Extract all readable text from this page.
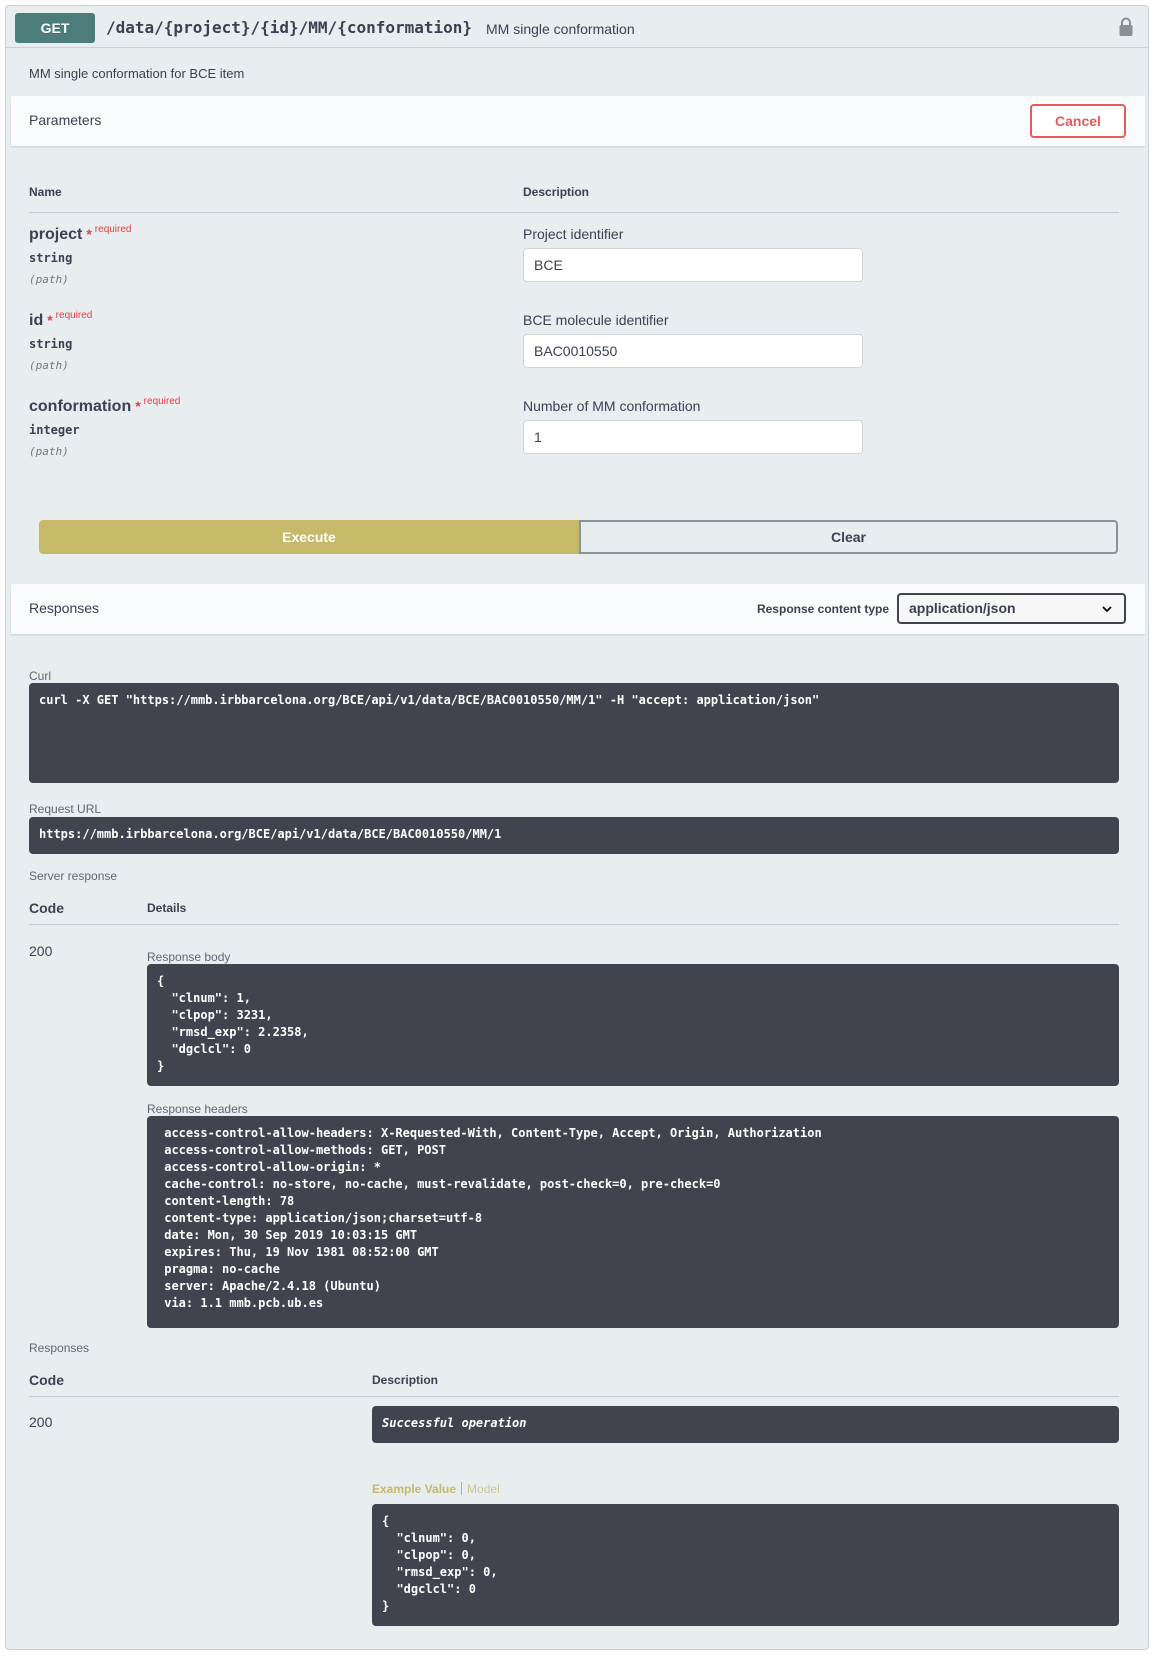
GET	/data/{project}/{id}/MM/{conformation} MM single conformation
MM single conformation for BCE item
Parameters	Cancel
Name	Description
project * $^{required}$
string
(path)
Project identifier
BCE
id * $^{required}$
string
(path)
BCE molecule identifier
BAC0010550
conformation * $^{required}$
integer
(path)
Number of MM conformation
1
Execute	Clear
Responses	Response content type	application/json
Curl
curl -X GET "https://mmb.irbbarcelona.org/BCE/api/v1/data/BCE/BAC0010550/MM/1" -H "accept: application/json"
Request URL
https://mmb.irbbarcelona.org/BCE/api/v1/data/BCE/BAC0010550/MM/1
Server response
Code	Details
200	Response body
{
"clnum": 1,
"clpop": 3231,
"rmsd_exp": 2.2358,
"dgclcl": 0
}
Response headers
access-control-allow-headers: X-Requested-With, Content-Type, Accept, Origin, Authorization
access-control-allow-methods: GET, POST
access-control-allow-origin: *
cache-control: no-store, no-cache, must-revalidate, post-check=0, pre-check=0
content-length: 78
content-type: application/json;charset=utf-8
date: Mon, 30 Sep 2019 10:03:15 GMT
expires: Thu, 19 Nov 1981 08:52:00 GMT
pragma: no-cache
server: Apache/2.4.18 (Ubuntu)
via: 1.1 mmb.pcb.ub.es
Responses
Code	Description
200	Successful operation
Example Value Model
{
"clnum": 0,
"clpop": 0,
"rmsd_exp": 0,
"dgclcl": 0
}
